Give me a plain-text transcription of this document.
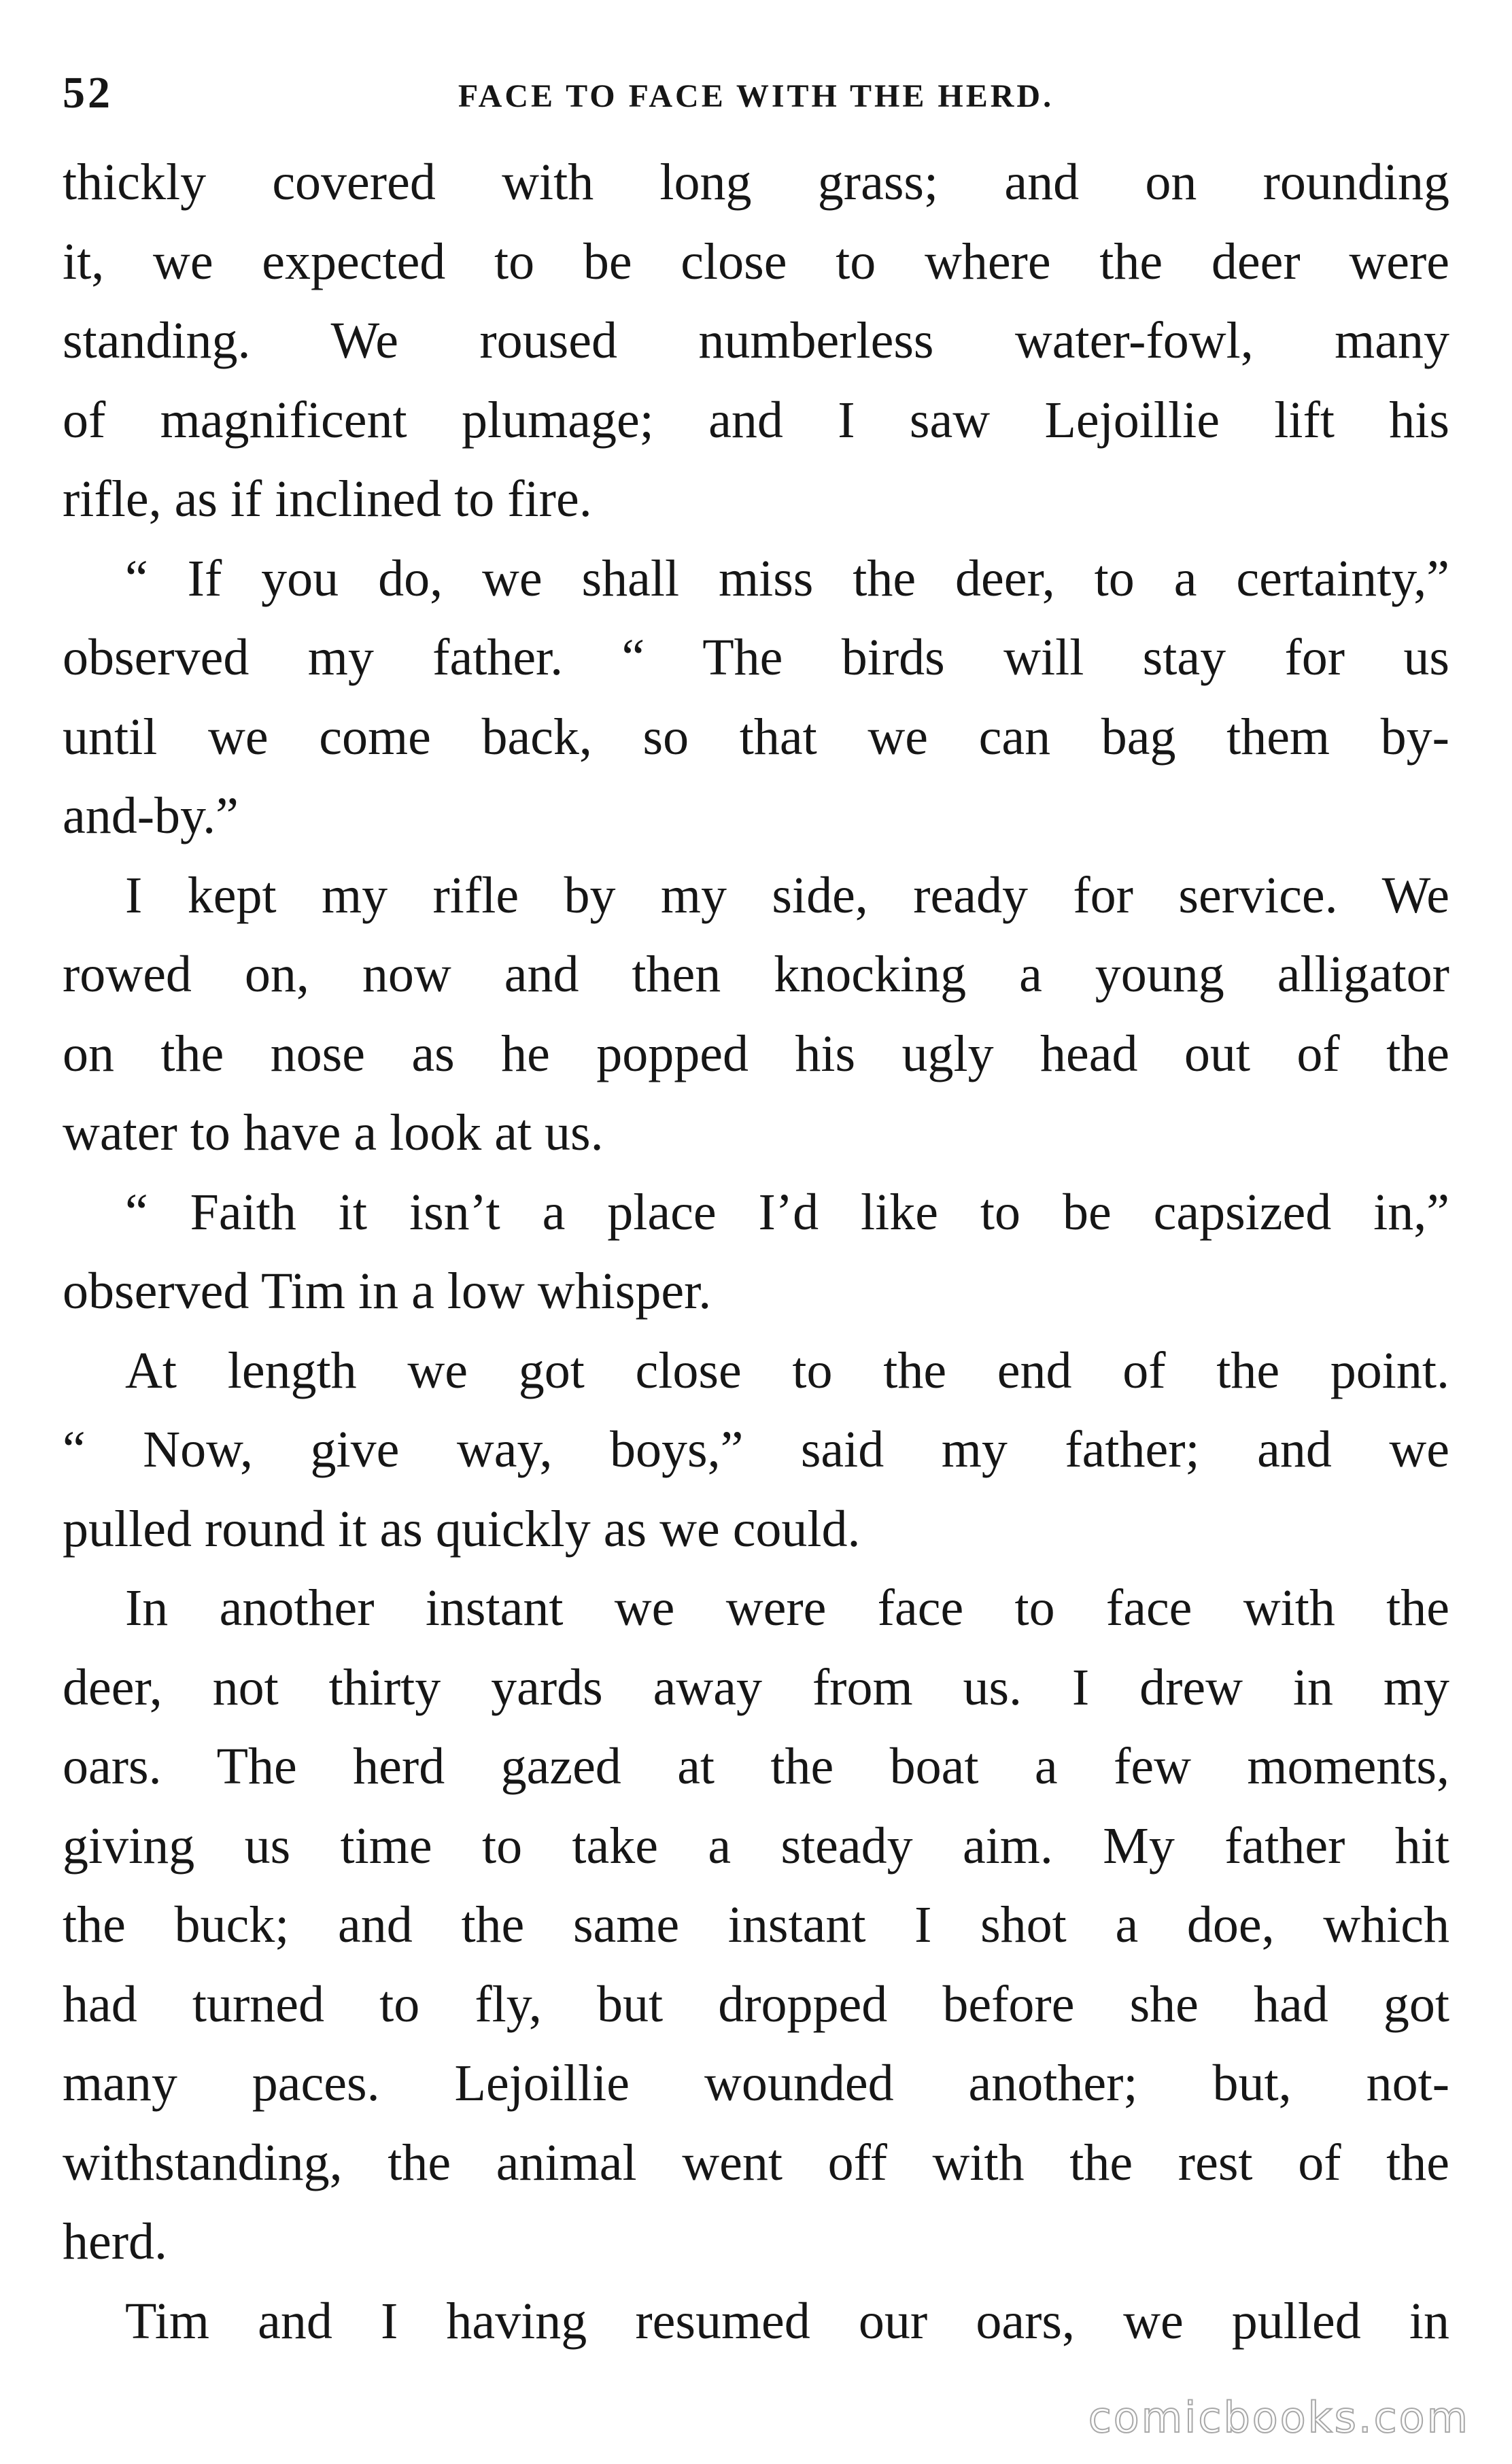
52	FACE TO FACE WITH THE HERD.
thickly covered with long grass; and on rounding
it, we expected to be close to where the deer were
standing. We roused numberless water-fowl, many
of magnificent plumage; and I saw Lejoillie lift his
rifle, as if inclined to fire.
“ If you do, we shall miss the deer, to a certainty,”
observed my father. “ The birds will stay for us
until we come back, so that we can bag them by-
and-by.”
I kept my rifle by my side, ready for service. We
rowed on, now and then knocking a young alligator
on the nose as he popped his ugly head out of the
water to have a look at us.
“ Faith it isn’t a place I’d like to be capsized in,”
observed Tim in a low whisper.
At length we got close to the end of the point.
“ Now, give way, boys,” said my father; and we
pulled round it as quickly as we could.
In another instant we were face to face with the
deer, not thirty yards away from us. I drew in my
oars. The herd gazed at the boat a few moments,
giving us time to take a steady aim. My father hit
the buck; and the same instant I shot a doe, which
had turned to fly, but dropped before she had got
many paces. Lejoillie wounded another; but, not-
withstanding, the animal went off with the rest of the
herd.
Tim and I having resumed our oars, we pulled in
comicbooks.com
